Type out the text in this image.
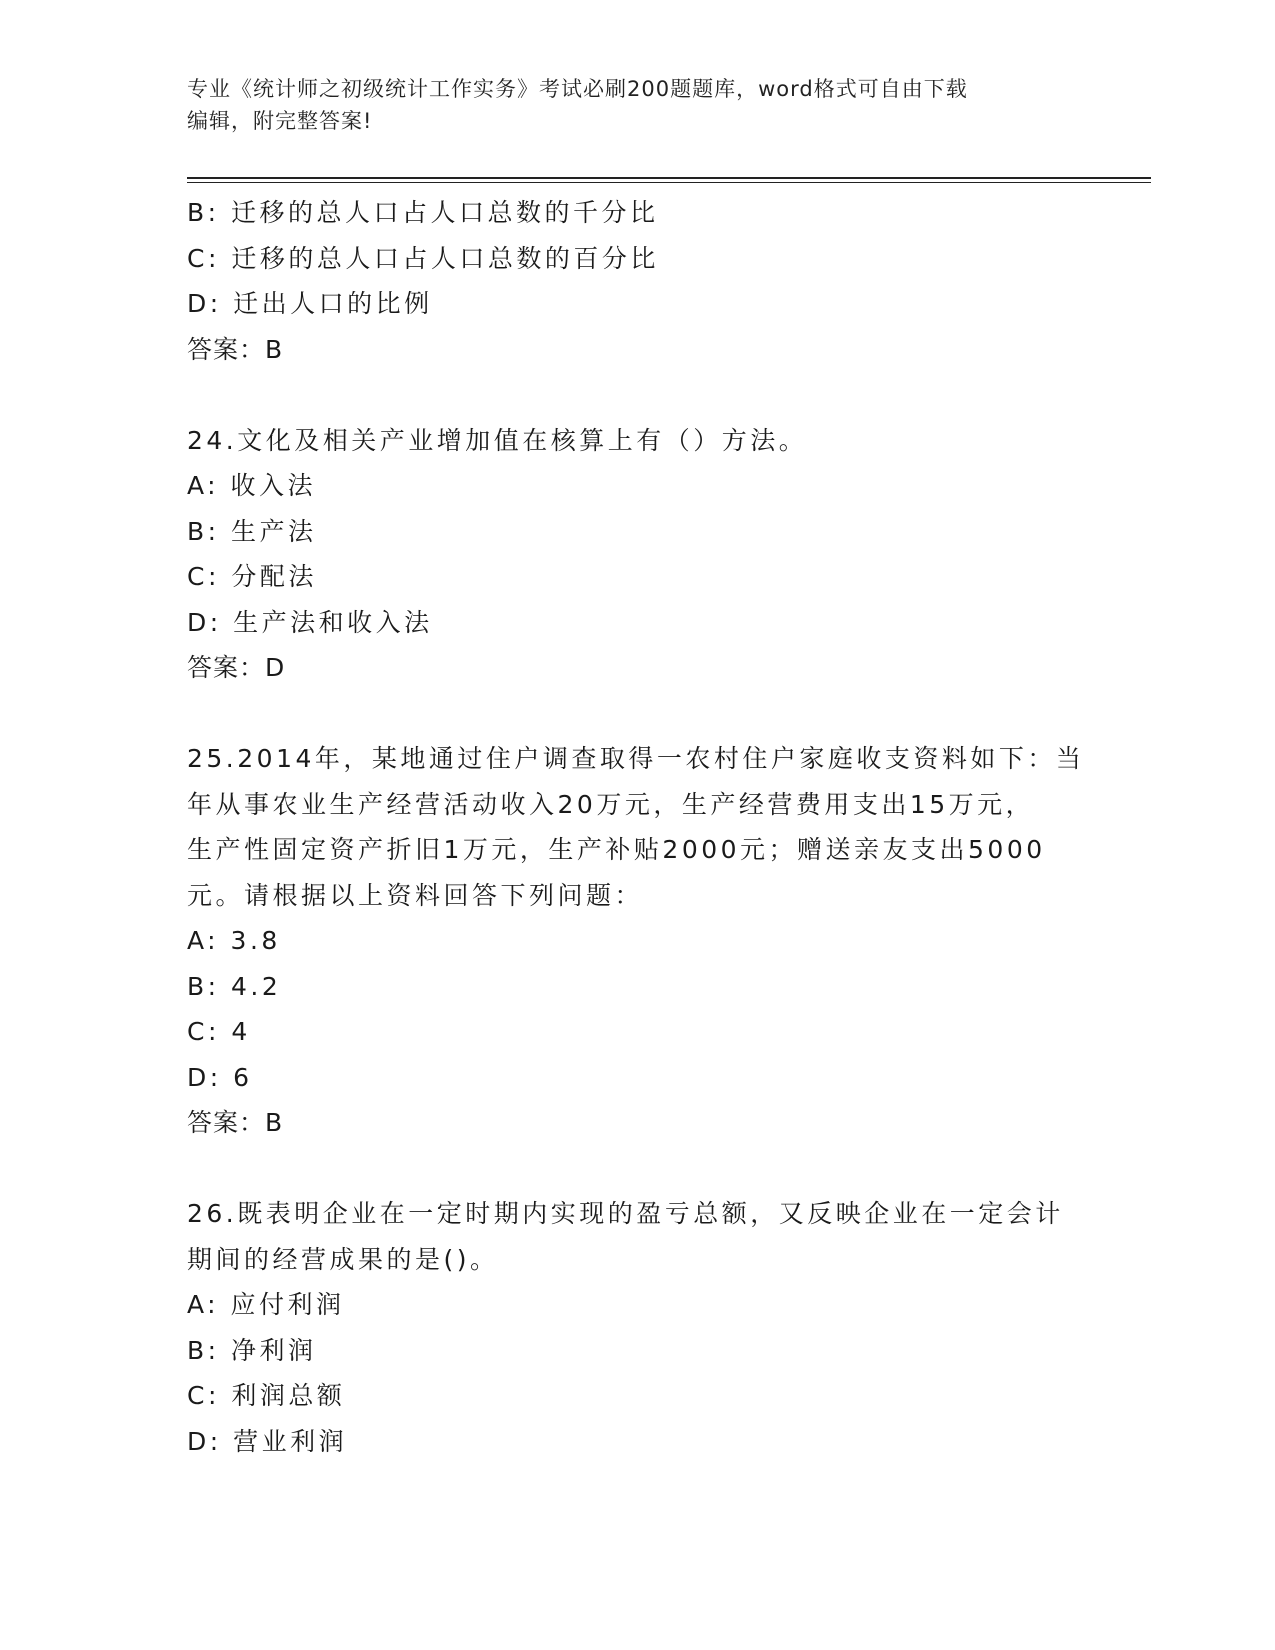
专业《统计师之初级统计工作实务》考试必刷200题题库，word格式可自由下载
编辑，附完整答案!
B: 迁移的总人口占人口总数的千分比
C: 迁移的总人口占人口总数的百分比
D: 迁出人口的比例
答案：B
24.文化及相关产业增加值在核算上有（）方法。
A: 收入法
B: 生产法
C: 分配法
D: 生产法和收入法
答案：D
25.2014年，某地通过住户调查取得一农村住户家庭收支资料如下：当
年从事农业生产经营活动收入20万元，生产经营费用支出15万元，
生产性固定资产折旧1万元，生产补贴2000元；赠送亲友支出5000
元。请根据以上资料回答下列问题：
A: 3.8
B: 4.2
C: 4
D: 6
答案：B
26.既表明企业在一定时期内实现的盈亏总额，又反映企业在一定会计
期间的经营成果的是()。
A: 应付利润
B: 净利润
C: 利润总额
D: 营业利润
